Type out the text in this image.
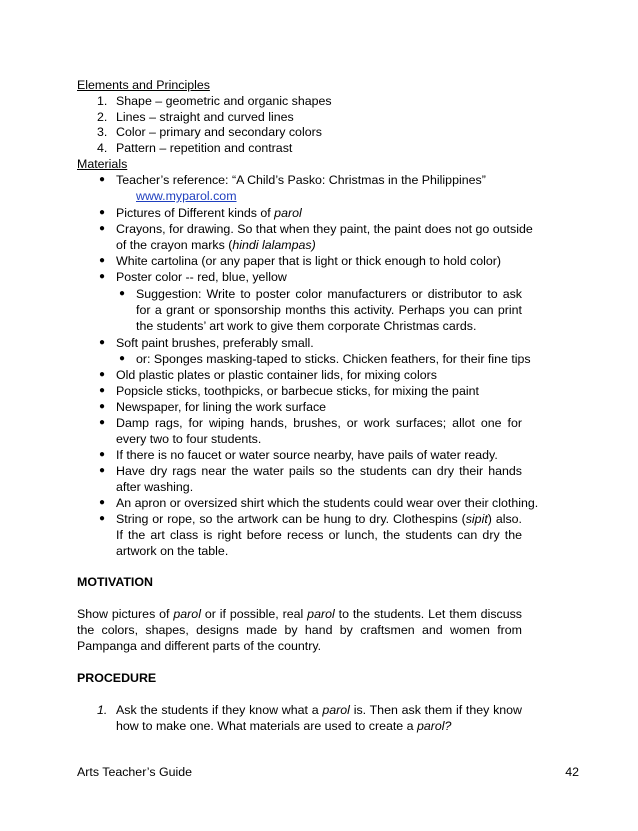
Elements and Principles
1. Shape – geometric and organic shapes
2. Lines – straight and curved lines
3. Color – primary and secondary colors
4. Pattern – repetition and contrast
Materials
● Teacher’s reference: “A Child’s Pasko: Christmas in the Philippines”
www.myparol.com
● Pictures of Different kinds of parol
● Crayons, for drawing. So that when they paint, the paint does not go outside
of the crayon marks (hindi lalampas)
● White cartolina (or any paper that is light or thick enough to hold color)
● Poster color -- red, blue, yellow
● Suggestion: Write to poster color manufacturers or distributor to ask for a grant or sponsorship months this activity. Perhaps you can print the students’ art work to give them corporate Christmas cards.
● Soft paint brushes, preferably small.
● or: Sponges masking-taped to sticks. Chicken feathers, for their fine tips
● Old plastic plates or plastic container lids, for mixing colors
● Popsicle sticks, toothpicks, or barbecue sticks, for mixing the paint
● Newspaper, for lining the work surface
● Damp rags, for wiping hands, brushes, or work surfaces; allot one for every two to four students.
● If there is no faucet or water source nearby, have pails of water ready.
● Have dry rags near the water pails so the students can dry their hands after washing.
● An apron or oversized shirt which the students could wear over their clothing.
● String or rope, so the artwork can be hung to dry. Clothespins (sipit) also. If the art class is right before recess or lunch, the students can dry the artwork on the table.
MOTIVATION
Show pictures of parol or if possible, real parol to the students. Let them discuss the colors, shapes, designs made by hand by craftsmen and women from Pampanga and different parts of the country.
PROCEDURE
1. Ask the students if they know what a parol is. Then ask them if they know how to make one. What materials are used to create a parol?
Arts Teacher’s Guide	42
